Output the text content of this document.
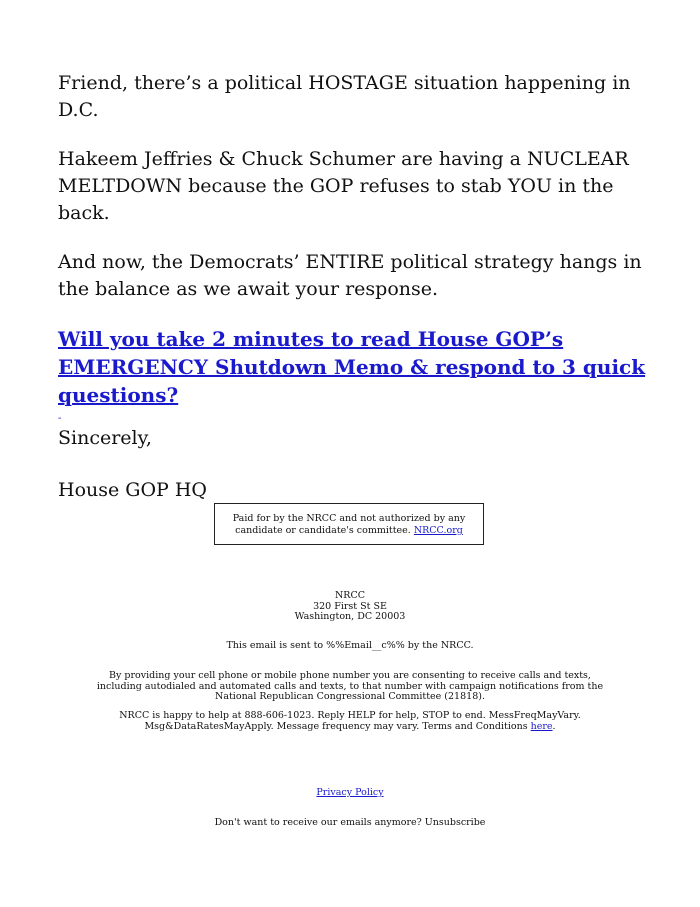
Friend, there’s a political HOSTAGE situation happening in D.C.

Hakeem Jeffries & Chuck Schumer are having a NUCLEAR MELTDOWN because the GOP refuses to stab YOU in the back.

And now, the Democrats’ ENTIRE political strategy hangs in the balance as we await your response.

Will you take 2 minutes to read House GOP’s EMERGENCY Shutdown Memo & respond to 3 quick questions?
-

Sincerely,

House GOP HQ

Paid for by the NRCC and not authorized by any candidate or candidate's committee. NRCC.org
NRCC
320 First St SE
Washington, DC 20003
This email is sent to %%Email__c%% by the NRCC.
By providing your cell phone or mobile phone number you are consenting to receive calls and texts, including autodialed and automated calls and texts, to that number with campaign notifications from the National Republican Congressional Committee (21818).
NRCC is happy to help at 888-606-1023. Reply HELP for help, STOP to end. MessFreqMayVary. Msg&DataRatesMayApply. Message frequency may vary. Terms and Conditions here.
Privacy Policy
Don't want to receive our emails anymore? Unsubscribe
